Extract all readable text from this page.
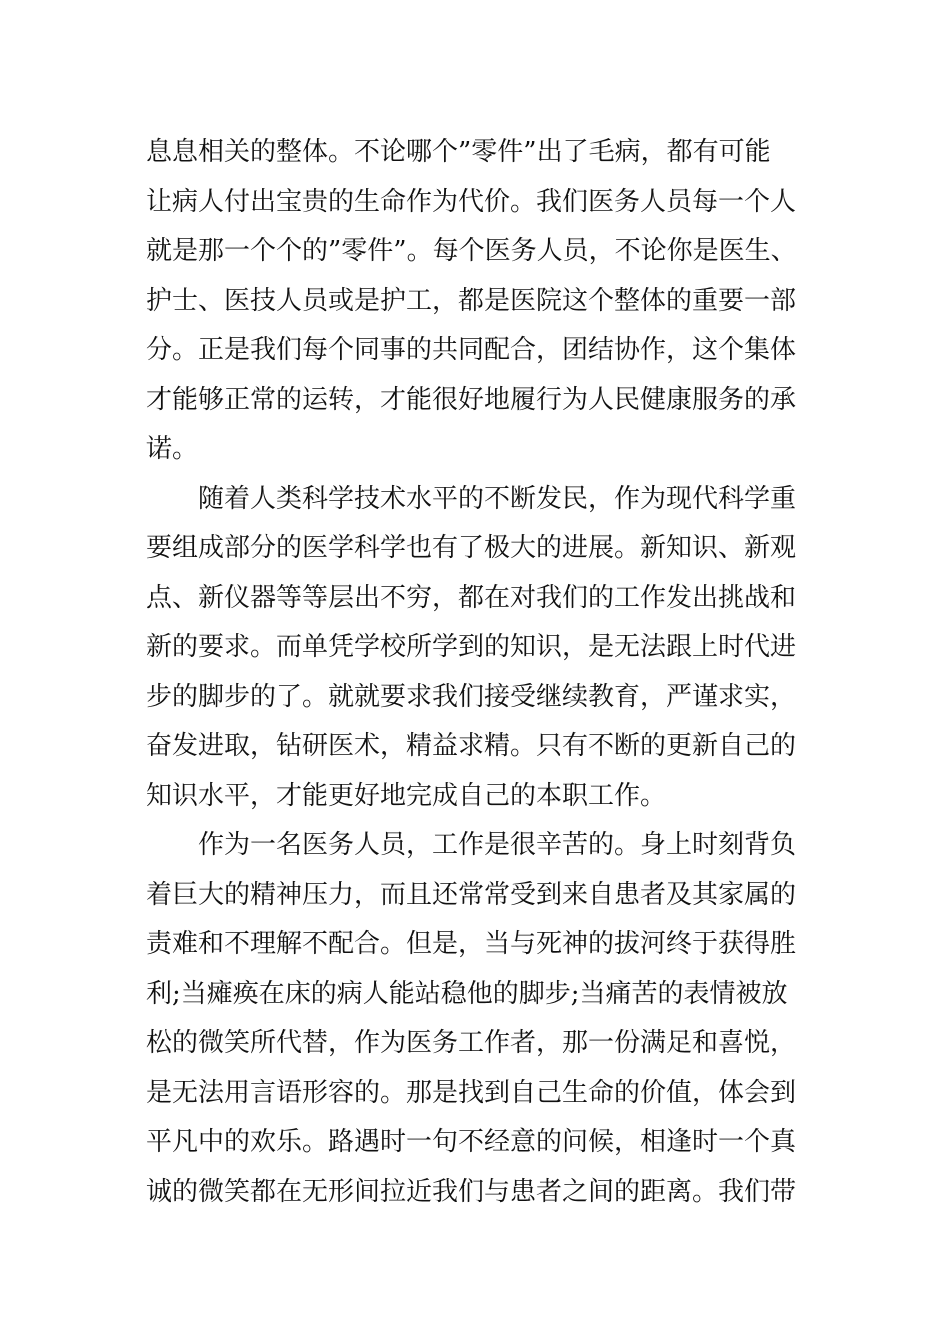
息息相关的整体。不论哪个”零件”出了毛病，都有可能
让病人付出宝贵的生命作为代价。我们医务人员每一个人
就是那一个个的”零件”。每个医务人员，不论你是医生、
护士、医技人员或是护工，都是医院这个整体的重要一部
分。正是我们每个同事的共同配合，团结协作，这个集体
才能够正常的运转，才能很好地履行为人民健康服务的承
诺。
随着人类科学技术水平的不断发民，作为现代科学重
要组成部分的医学科学也有了极大的进展。新知识、新观
点、新仪器等等层出不穷，都在对我们的工作发出挑战和
新的要求。而单凭学校所学到的知识，是无法跟上时代进
步的脚步的了。就就要求我们接受继续教育，严谨求实，
奋发进取，钻研医术，精益求精。只有不断的更新自己的
知识水平，才能更好地完成自己的本职工作。
作为一名医务人员，工作是很辛苦的。身上时刻背负
着巨大的精神压力，而且还常常受到来自患者及其家属的
责难和不理解不配合。但是，当与死神的拔河终于获得胜
利;当瘫痪在床的病人能站稳他的脚步;当痛苦的表情被放
松的微笑所代替，作为医务工作者，那一份满足和喜悦，
是无法用言语形容的。那是找到自己生命的价值，体会到
平凡中的欢乐。路遇时一句不经意的问候，相逢时一个真
诚的微笑都在无形间拉近我们与患者之间的距离。我们带
